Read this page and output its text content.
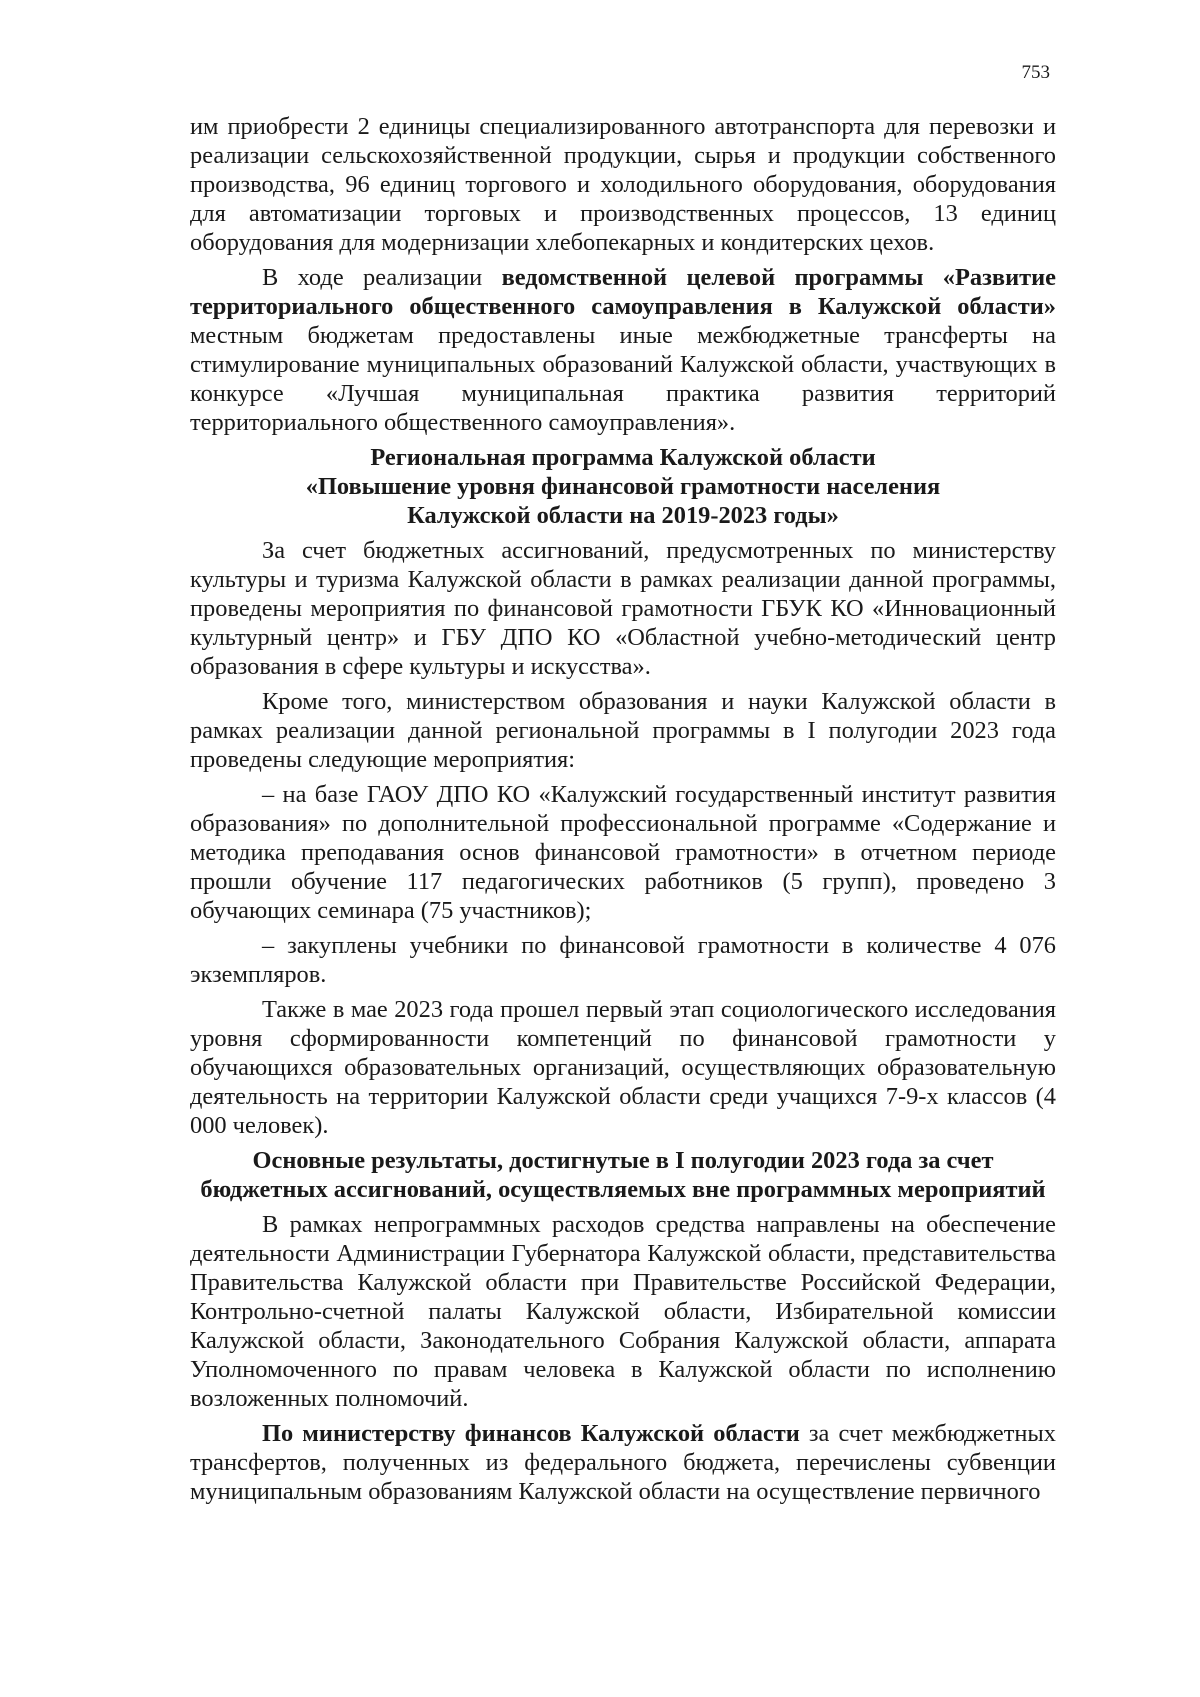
753

им приобрести 2 единицы специализированного автотранспорта для перевозки и реализации сельскохозяйственной продукции, сырья и продукции собственного производства, 96 единиц торгового и холодильного оборудования, оборудования для автоматизации торговых и производственных процессов, 13 единиц оборудования для модернизации хлебопекарных и кондитерских цехов.

В ходе реализации ведомственной целевой программы «Развитие территориального общественного самоуправления в Калужской области» местным бюджетам предоставлены иные межбюджетные трансферты на стимулирование муниципальных образований Калужской области, участвующих в конкурсе «Лучшая муниципальная практика развития территорий территориального общественного самоуправления».

Региональная программа Калужской области
«Повышение уровня финансовой грамотности населения
Калужской области на 2019-2023 годы»

За счет бюджетных ассигнований, предусмотренных по министерству культуры и туризма Калужской области в рамках реализации данной программы, проведены мероприятия по финансовой грамотности ГБУК КО «Инновационный культурный центр» и ГБУ ДПО КО «Областной учебно-методический центр образования в сфере культуры и искусства».

Кроме того, министерством образования и науки Калужской области в рамках реализации данной региональной программы в I полугодии 2023 года проведены следующие мероприятия:

– на базе ГАОУ ДПО КО «Калужский государственный институт развития образования» по дополнительной профессиональной программе «Содержание и методика преподавания основ финансовой грамотности» в отчетном периоде прошли обучение 117 педагогических работников (5 групп), проведено 3 обучающих семинара (75 участников);

– закуплены учебники по финансовой грамотности в количестве 4 076 экземпляров.

Также в мае 2023 года прошел первый этап социологического исследования уровня сформированности компетенций по финансовой грамотности у обучающихся образовательных организаций, осуществляющих образовательную деятельность на территории Калужской области среди учащихся 7-9-х классов (4 000 человек).

Основные результаты, достигнутые в I полугодии 2023 года за счет
бюджетных ассигнований, осуществляемых вне программных мероприятий

В рамках непрограммных расходов средства направлены на обеспечение деятельности Администрации Губернатора Калужской области, представительства Правительства Калужской области при Правительстве Российской Федерации, Контрольно-счетной палаты Калужской области, Избирательной комиссии Калужской области, Законодательного Собрания Калужской области, аппарата Уполномоченного по правам человека в Калужской области по исполнению возложенных полномочий.

По министерству финансов Калужской области за счет межбюджетных трансфертов, полученных из федерального бюджета, перечислены субвенции муниципальным образованиям Калужской области на осуществление первичного
